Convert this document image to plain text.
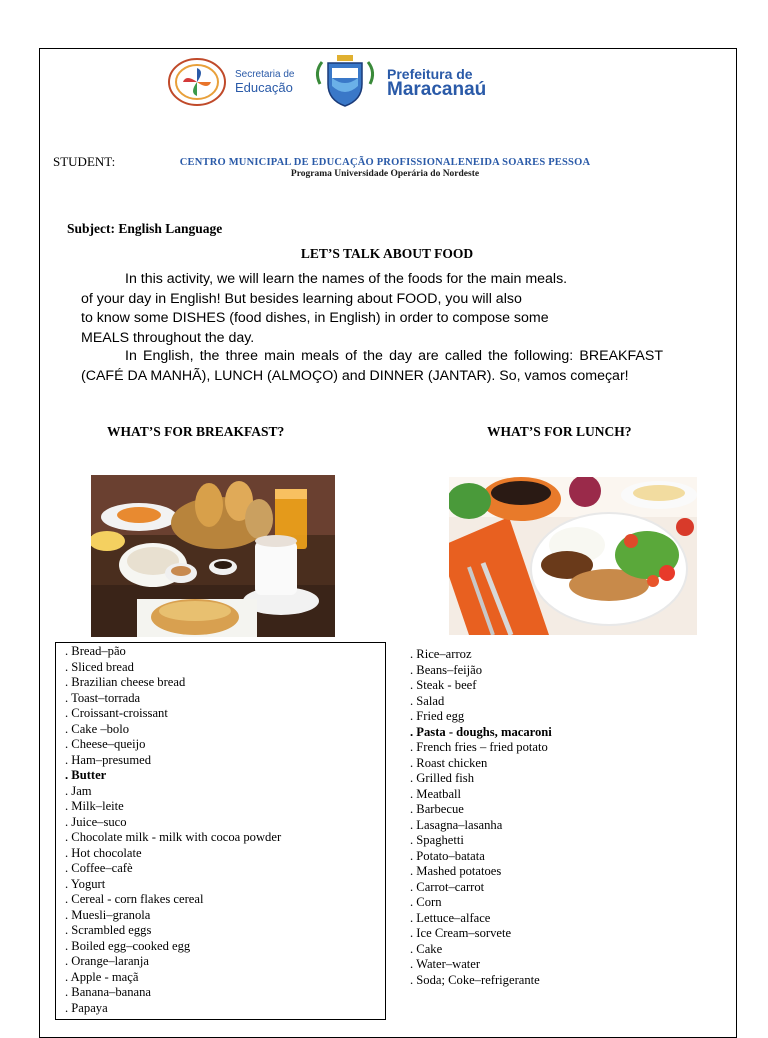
CENTRO MUNICIPAL DE EDUCAÇÃO PROFISSIONALENEIDA SOARES PESSOA
Programa Universidade Operária do Nordeste
Secretaria de
Educação
Prefeitura de
Maracanaú
STUDENT:
Subject: English Language
LET’S TALK ABOUT FOOD
In this activity, we will learn the names of the foods for the main meals.
of your day in English! But besides learning about FOOD, you will also
to know some DISHES (food dishes, in English) in order to compose some
MEALS throughout the day.
In English, the three main meals of the day are called the following: BREAKFAST (CAFÉ DA MANHÃ), LUNCH (ALMOÇO) and DINNER (JANTAR). So, vamos começar!
WHAT’S FOR BREAKFAST?	WHAT’S FOR LUNCH?
. Bread–pão
. Sliced bread
. Brazilian cheese bread
. Toast–torrada
. Croissant-croissant
. Cake –bolo
. Cheese–queijo
. Ham–presumed
. Butter
. Jam
. Milk–leite
. Juice–suco
. Chocolate milk - milk with cocoa powder
. Hot chocolate
. Coffee–cafè
. Yogurt
. Cereal - corn flakes cereal
. Muesli–granola
. Scrambled eggs
. Boiled egg–cooked egg
. Orange–laranja
. Apple - maçã
. Banana–banana
. Papaya
. Rice–arroz
. Beans–feijão
. Steak - beef
. Salad
. Fried egg
. Pasta - doughs, macaroni
. French fries – fried potato
. Roast chicken
. Grilled fish
. Meatball
. Barbecue
. Lasagna–lasanha
. Spaghetti
. Potato–batata
. Mashed potatoes
. Carrot–carrot
. Corn
. Lettuce–alface
. Ice Cream–sorvete
. Cake
. Water–water
. Soda; Coke–refrigerante
